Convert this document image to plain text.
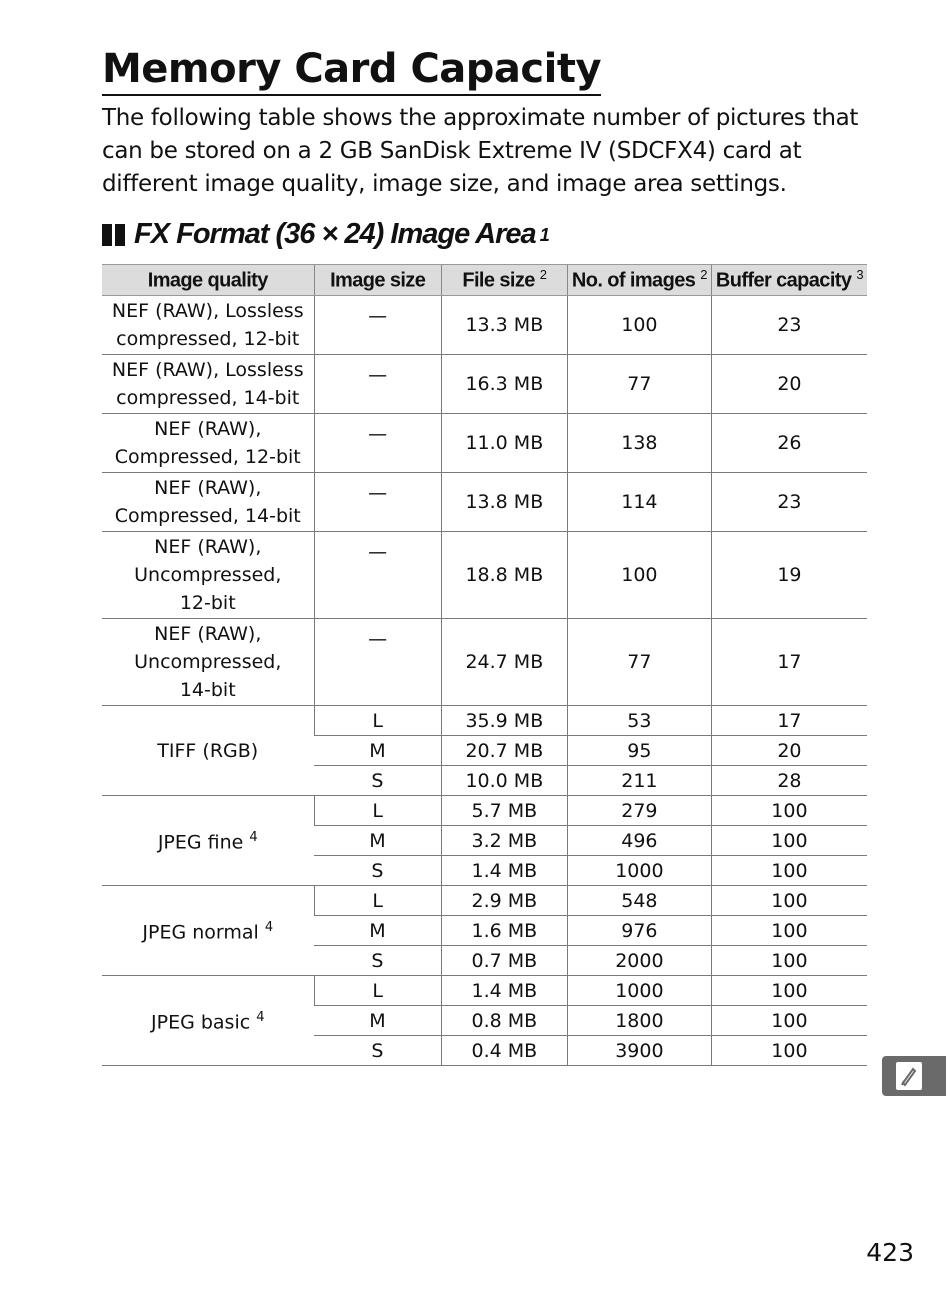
Memory Card Capacity

The following table shows the approximate number of pictures that can be stored on a 2 GB SanDisk Extreme IV (SDCFX4) card at different image quality, image size, and image area settings.

FX Format (36 × 24) Image Area 1
Image quality	Image size	File size $^2$	No. of images $^2$	Buffer capacity $^3$
NEF (RAW), Lossless compressed, 12-bit	—	13.3 MB	100	23
NEF (RAW), Lossless compressed, 14-bit	—	16.3 MB	77	20
NEF (RAW), Compressed, 12-bit	—	11.0 MB	138	26
NEF (RAW), Compressed, 14-bit	—	13.8 MB	114	23
NEF (RAW), Uncompressed, 12-bit	—	18.8 MB	100	19
NEF (RAW), Uncompressed, 14-bit	—	24.7 MB	77	17
TIFF (RGB)	L	35.9 MB	53	17
	M	20.7 MB	95	20
	S	10.0 MB	211	28
JPEG fine $^4$	L	5.7 MB	279	100
	M	3.2 MB	496	100
	S	1.4 MB	1000	100
JPEG normal $^4$	L	2.9 MB	548	100
	M	1.6 MB	976	100
	S	0.7 MB	2000	100
JPEG basic $^4$	L	1.4 MB	1000	100
	M	0.8 MB	1800	100
	S	0.4 MB	3900	100
423
